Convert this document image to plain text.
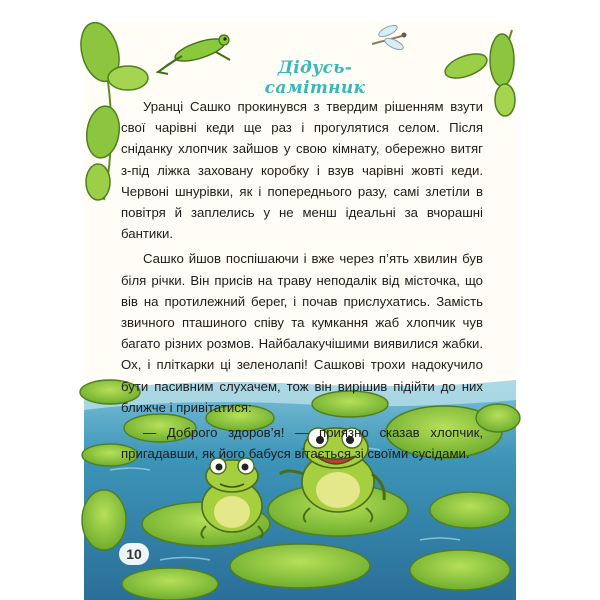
Дідусь-самітник

Уранці Сашко прокинувся з твердим рішенням взути свої чарівні кеди ще раз і прогулятися селом. Після сніданку хлопчик зайшов у свою кімнату, обережно витяг з-під ліжка заховану коробку і взув чарівні жовті кеди. Червоні шнурівки, як і попереднього разу, самі злетіли в повітря й заплелись у не менш ідеальні за вчорашні бантики.

Сашко йшов поспішаючи і вже через п’ять хвилин був біля річки. Він присів на траву неподалік від місточка, що вів на протилежний берег, і почав прислухатись. Замість звичного пташиного співу та кумкання жаб хлопчик чув багато різних розмов. Найбалакучішими виявилися жабки. Ох, і пліткарки ці зеленолапі! Сашкові трохи надокучило бути пасивним слухачем, тож він вирішив підійти до них ближче і привітатися:

— Доброго здоров’я! — приязно сказав хлопчик, пригадавши, як його бабуся вітається зі своїми сусідами.

10
